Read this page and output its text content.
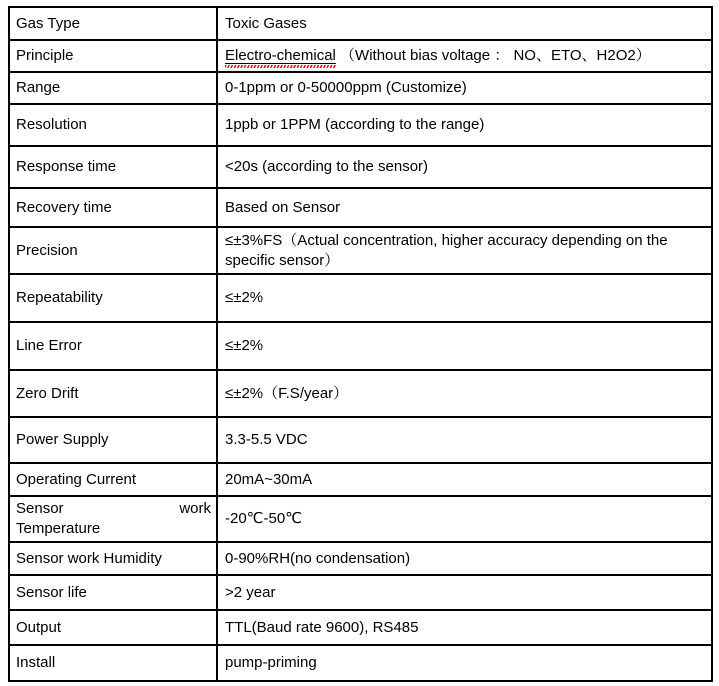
Gas Type	Toxic Gases
Principle	Electro-chemical （Without bias voltage ： NO、ETO、H2O2）
Range	0-1ppm or 0-50000ppm (Customize)
Resolution	1ppb or 1PPM (according to the range)
Response time	<20s (according to the sensor)
Recovery time	Based on Sensor
Precision	≤±3%FS（Actual concentration, higher accuracy depending on the specific sensor）
Repeatability	≤±2%
Line Error	≤±2%
Zero Drift	≤±2%（F.S/year）
Power Supply	3.3-5.5 VDC
Operating Current	20mA~30mA

Sensor work
Temperature	-20℃-50℃
Sensor work Humidity	0-90%RH(no condensation)
Sensor life	>2 year
Output	TTL(Baud rate 9600), RS485
Install	pump-priming
